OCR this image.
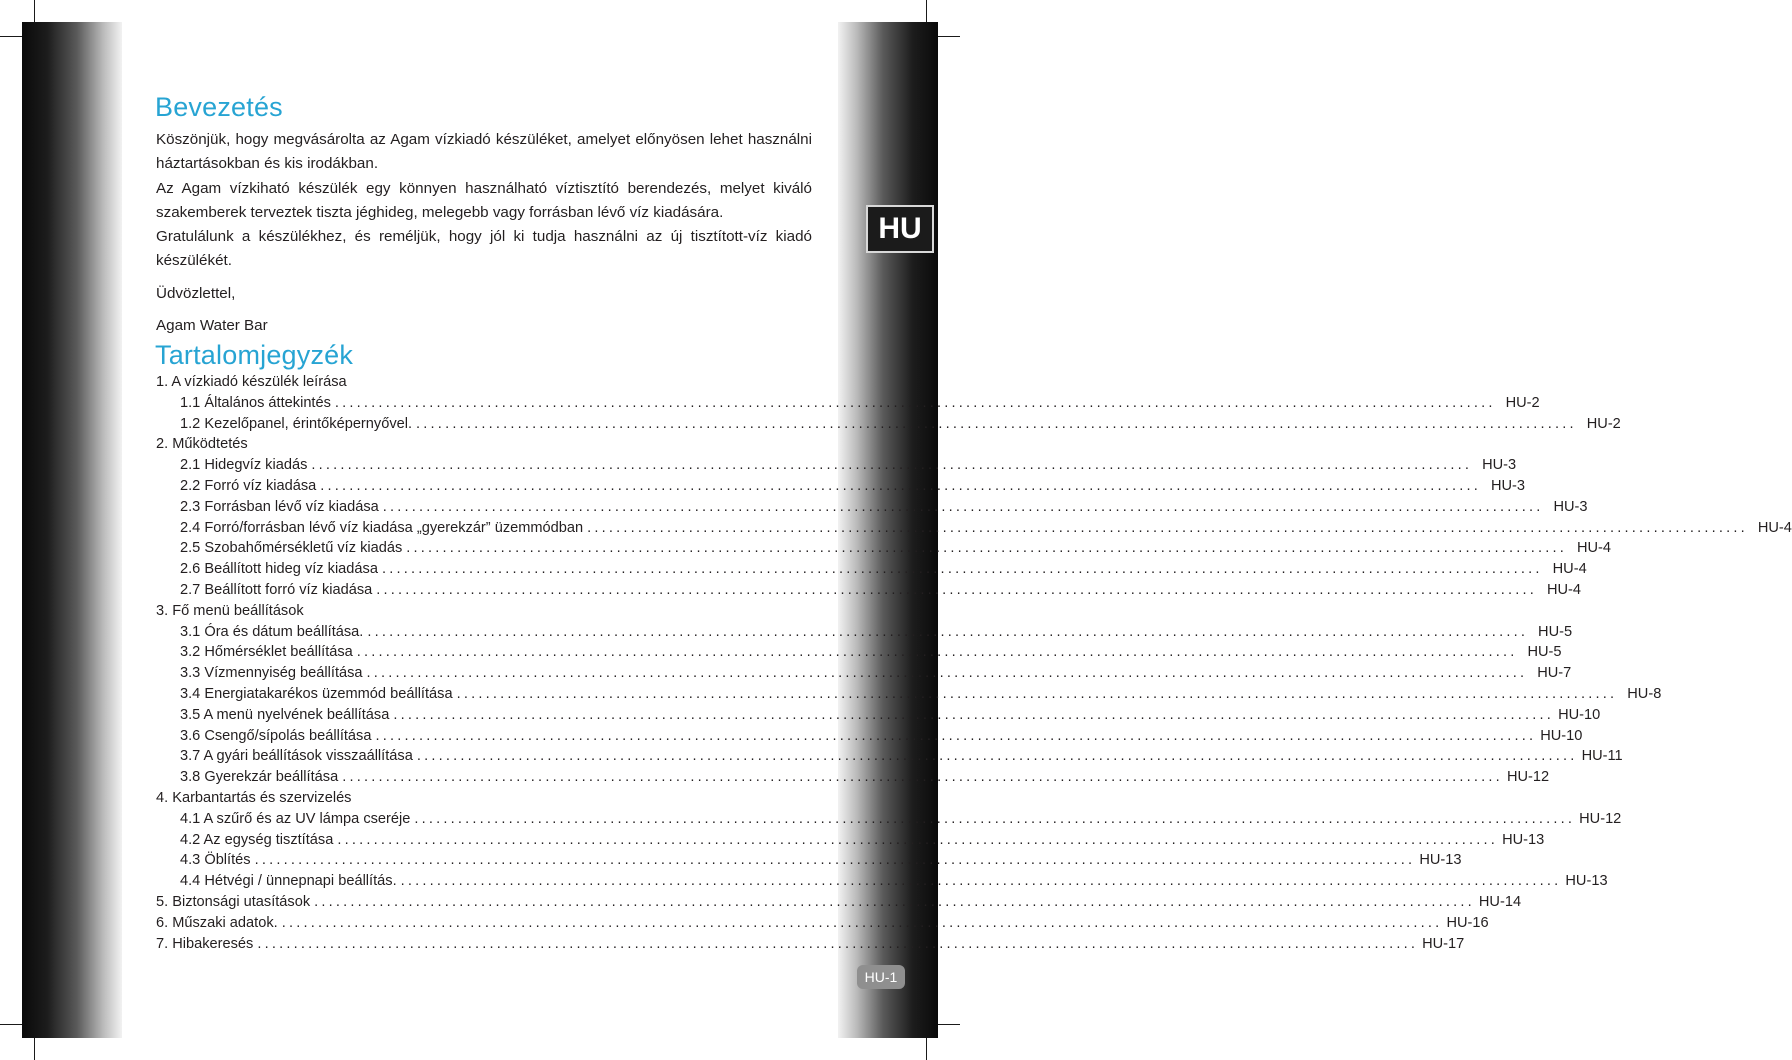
HU
HU-1
Bevezetés

Köszönjük, hogy megvásárolta az Agam vízkiadó készüléket, amelyet előnyösen lehet használni háztartásokban és kis irodákban.

Az Agam vízkiható készülék egy könnyen használható víztisztító berendezés, melyet kiváló szakemberek terveztek tiszta jéghideg, melegebb vagy forrásban lévő víz kiadására.

Gratulálunk a készülékhez, és reméljük, hogy jól ki tudja használni az új tisztított-víz kiadó készülékét.

Üdvözlettel,

Agam Water Bar

Tartalomjegyzék
1. A vízkiadó készülék leírása
1.1 Általános áttekintés ................................................................................................................................................................ HU-2
1.2 Kezelőpanel, érintőképernyővel. ................................................................................................................................................................ HU-2
2. Működtetés
2.1 Hidegvíz kiadás ................................................................................................................................................................ HU-3
2.2 Forró víz kiadása ................................................................................................................................................................ HU-3
2.3 Forrásban lévő víz kiadása ................................................................................................................................................................ HU-3
2.4 Forró/forrásban lévő víz kiadása „gyerekzár” üzemmódban ................................................................................................................................................................ HU-4
2.5 Szobahőmérsékletű víz kiadás ................................................................................................................................................................ HU-4
2.6 Beállított hideg víz kiadása ................................................................................................................................................................ HU-4
2.7 Beállított forró víz kiadása ................................................................................................................................................................ HU-4
3. Fő menü beállítások
3.1 Óra és dátum beállítása. ................................................................................................................................................................ HU-5
3.2 Hőmérséklet beállítása ................................................................................................................................................................ HU-5
3.3 Vízmennyiség beállítása ................................................................................................................................................................ HU-7
3.4 Energiatakarékos üzemmód beállítása ................................................................................................................................................................ HU-8
3.5 A menü nyelvének beállítása ................................................................................................................................................................ HU-10
3.6 Csengő/sípolás beállítása ................................................................................................................................................................ HU-10
3.7 A gyári beállítások visszaállítása ................................................................................................................................................................ HU-11
3.8 Gyerekzár beállítása ................................................................................................................................................................ HU-12
4. Karbantartás és szervizelés
4.1 A szűrő és az UV lámpa cseréje ................................................................................................................................................................ HU-12
4.2 Az egység tisztítása ................................................................................................................................................................ HU-13
4.3 Öblítés ................................................................................................................................................................ HU-13
4.4 Hétvégi / ünnepnapi beállítás. ................................................................................................................................................................ HU-13
5. Biztonsági utasítások ................................................................................................................................................................ HU-14
6. Műszaki adatok. ................................................................................................................................................................ HU-16
7. Hibakeresés ................................................................................................................................................................ HU-17
